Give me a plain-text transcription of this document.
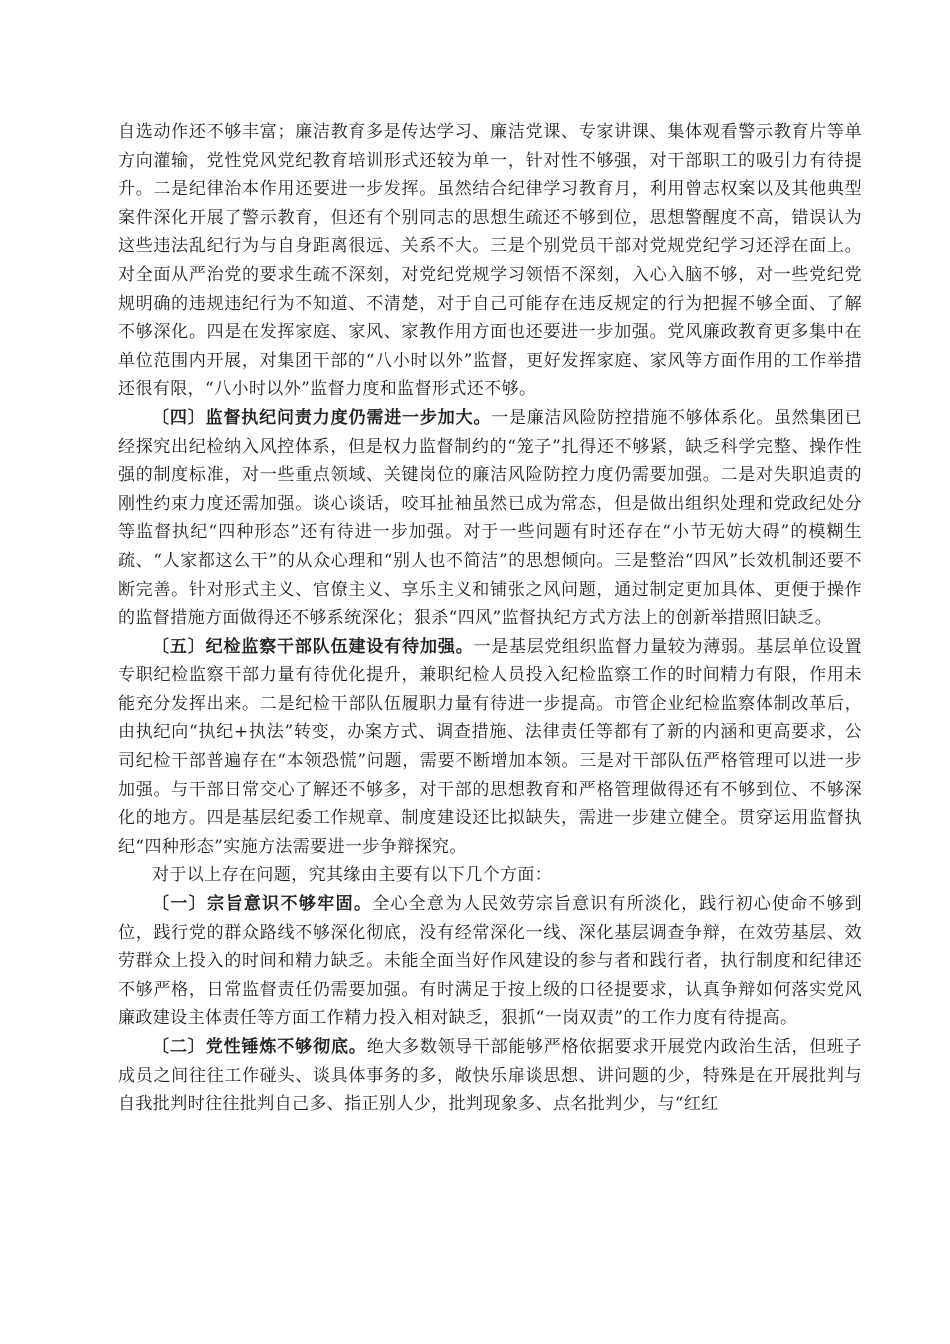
自选动作还不够丰富；廉洁教育多是传达学习、廉洁党课、专家讲课、集体观看警示教育片等单方向灌输，党性党风党纪教育培训形式还较为单一，针对性不够强，对干部职工的吸引力有待提升。二是纪律治本作用还要进一步发挥。虽然结合纪律学习教育月，利用曾志权案以及其他典型案件深化开展了警示教育，但还有个别同志的思想生疏还不够到位，思想警醒度不高，错误认为这些违法乱纪行为与自身距离很远、关系不大。三是个别党员干部对党规党纪学习还浮在面上。对全面从严治党的要求生疏不深刻，对党纪党规学习领悟不深刻，入心入脑不够，对一些党纪党规明确的违规违纪行为不知道、不清楚，对于自己可能存在违反规定的行为把握不够全面、了解不够深化。四是在发挥家庭、家风、家教作用方面也还要进一步加强。党风廉政教育更多集中在单位范围内开展，对集团干部的“八小时以外”监督，更好发挥家庭、家风等方面作用的工作举措还很有限，“八小时以外”监督力度和监督形式还不够。

〔四〕监督执纪问责力度仍需进一步加大。一是廉洁风险防控措施不够体系化。虽然集团已经探究出纪检纳入风控体系，但是权力监督制约的“笼子”扎得还不够紧，缺乏科学完整、操作性强的制度标准，对一些重点领域、关键岗位的廉洁风险防控力度仍需要加强。二是对失职追责的刚性约束力度还需加强。谈心谈话，咬耳扯袖虽然已成为常态，但是做出组织处理和党政纪处分等监督执纪“四种形态”还有待进一步加强。对于一些问题有时还存在“小节无妨大碍”的模糊生疏、“人家都这么干”的从众心理和“别人也不简洁”的思想倾向。三是整治“四风”长效机制还要不断完善。针对形式主义、官僚主义、享乐主义和铺张之风问题，通过制定更加具体、更便于操作的监督措施方面做得还不够系统深化；狠杀“四风”监督执纪方式方法上的创新举措照旧缺乏。

〔五〕纪检监察干部队伍建设有待加强。一是基层党组织监督力量较为薄弱。基层单位设置专职纪检监察干部力量有待优化提升，兼职纪检人员投入纪检监察工作的时间精力有限，作用未能充分发挥出来。二是纪检干部队伍履职力量有待进一步提高。市管企业纪检监察体制改革后，由执纪向“执纪+执法”转变，办案方式、调查措施、法律责任等都有了新的内涵和更高要求，公司纪检干部普遍存在“本领恐慌”问题，需要不断增加本领。三是对干部队伍严格管理可以进一步加强。与干部日常交心了解还不够多，对干部的思想教育和严格管理做得还有不够到位、不够深化的地方。四是基层纪委工作规章、制度建设还比拟缺失，需进一步建立健全。贯穿运用监督执纪“四种形态”实施方法需要进一步争辩探究。

对于以上存在问题，究其缘由主要有以下几个方面：

〔一〕宗旨意识不够牢固。全心全意为人民效劳宗旨意识有所淡化，践行初心使命不够到位，践行党的群众路线不够深化彻底，没有经常深化一线、深化基层调查争辩，在效劳基层、效劳群众上投入的时间和精力缺乏。未能全面当好作风建设的参与者和践行者，执行制度和纪律还不够严格，日常监督责任仍需要加强。有时满足于按上级的口径提要求，认真争辩如何落实党风廉政建设主体责任等方面工作精力投入相对缺乏，狠抓“一岗双责”的工作力度有待提高。

〔二〕党性锤炼不够彻底。绝大多数领导干部能够严格依据要求开展党内政治生活，但班子成员之间往往工作碰头、谈具体事务的多，敞快乐扉谈思想、讲问题的少，特殊是在开展批判与自我批判时往往批判自己多、指正别人少，批判现象多、点名批判少，与“红红
